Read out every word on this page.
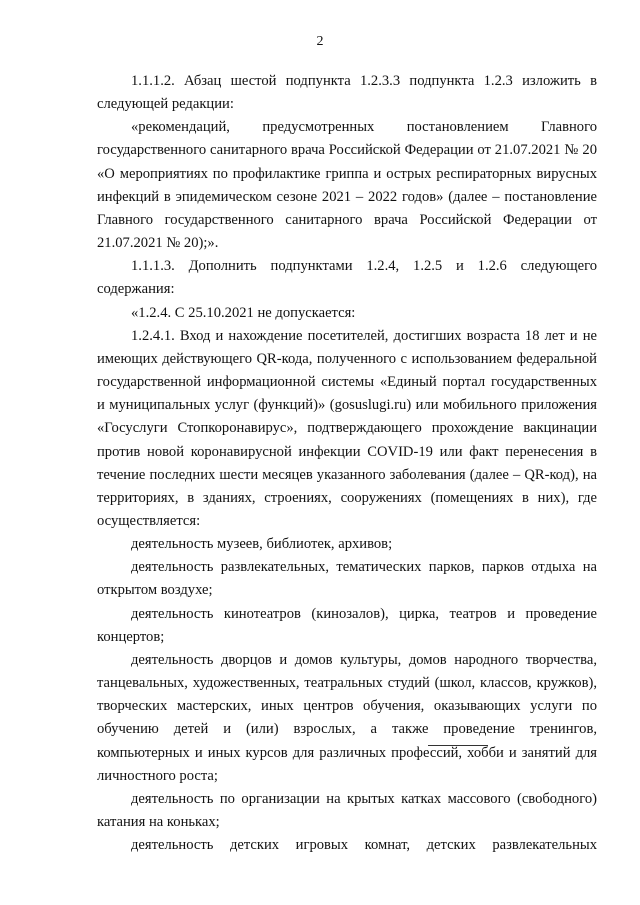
2

1.1.1.2. Абзац шестой подпункта 1.2.3.3 подпункта 1.2.3 изложить в следующей редакции:

«рекомендаций, предусмотренных постановлением Главного государственного санитарного врача Российской Федерации от 21.07.2021 № 20 «О мероприятиях по профилактике гриппа и острых респираторных вирусных инфекций в эпидемическом сезоне 2021 – 2022 годов» (далее – постановление Главного государственного санитарного врача Российской Федерации от 21.07.2021 № 20);».

1.1.1.3. Дополнить подпунктами 1.2.4, 1.2.5 и 1.2.6 следующего содержания:

«1.2.4. С 25.10.2021 не допускается:

1.2.4.1. Вход и нахождение посетителей, достигших возраста 18 лет и не имеющих действующего QR-кода, полученного с использованием федеральной государственной информационной системы «Единый портал государственных и муниципальных услуг (функций)» (gosuslugi.ru) или мобильного приложения «Госуслуги Стопкоронавирус», подтверждающего прохождение вакцинации против новой коронавирусной инфекции COVID-19 или факт перенесения в течение последних шести месяцев указанного заболевания (далее – QR-код), на территориях, в зданиях, строениях, сооружениях (помещениях в них), где осуществляется:

деятельность музеев, библиотек, архивов;

деятельность развлекательных, тематических парков, парков отдыха на открытом воздухе;

деятельность кинотеатров (кинозалов), цирка, театров и проведение концертов;

деятельность дворцов и домов культуры, домов народного творчества, танцевальных, художественных, театральных студий (школ, классов, кружков), творческих мастерских, иных центров обучения, оказывающих услуги по обучению детей и (или) взрослых, а также проведение тренингов, компьютерных и иных курсов для различных профессий, хобби и занятий для личностного роста;

деятельность по организации на крытых катках массового (свободного) катания на коньках;

деятельность детских игровых комнат, детских развлекательных
